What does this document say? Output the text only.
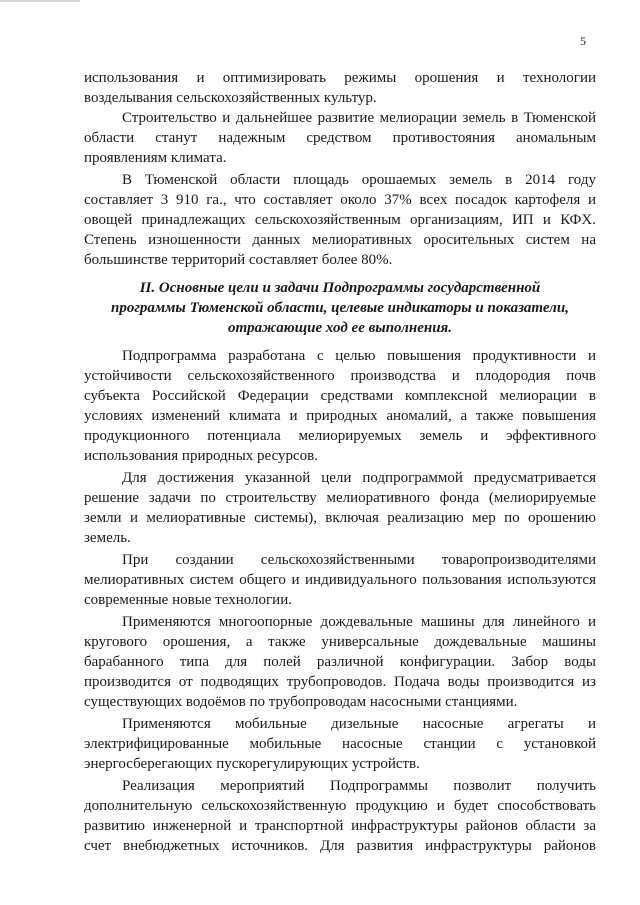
5
использования и оптимизировать режимы орошения и технологии
возделывания сельскохозяйственных культур.
Строительство и дальнейшее развитие мелиорации земель в Тюменской
области станут надежным средством противостояния аномальным
проявлениям климата.
В Тюменской области площадь орошаемых земель в 2014 году
составляет 3 910 га., что составляет около 37% всех посадок картофеля и
овощей принадлежащих сельскохозяйственным организациям, ИП и КФХ.
Степень изношенности данных мелиоративных оросительных систем на
большинстве территорий составляет более 80%.
II. Основные цели и задачи Подпрограммы государственной
программы Тюменской области, целевые индикаторы и показатели,
отражающие ход ее выполнения.
Подпрограмма разработана с целью повышения продуктивности и
устойчивости сельскохозяйственного производства и плодородия почв
субъекта Российской Федерации средствами комплексной мелиорации в
условиях изменений климата и природных аномалий, а также повышения
продукционного потенциала мелиорируемых земель и эффективного
использования природных ресурсов.
Для достижения указанной цели подпрограммой предусматривается
решение задачи по строительству мелиоративного фонда (мелиорируемые
земли и мелиоративные системы), включая реализацию мер по орошению
земель.
При создании сельскохозяйственными товаропроизводителями
мелиоративных систем общего и индивидуального пользования используются
современные новые технологии.
Применяются многоопорные дождевальные машины для линейного и
кругового орошения, а также универсальные дождевальные машины
барабанного типа для полей различной конфигурации. Забор воды
производится от подводящих трубопроводов. Подача воды производится из
существующих водоёмов по трубопроводам насосными станциями.
Применяются мобильные дизельные насосные агрегаты и
электрифицированные мобильные насосные станции с установкой
энергосберегающих пускорегулирующих устройств.
Реализация мероприятий Подпрограммы позволит получить
дополнительную сельскохозяйственную продукцию и будет способствовать
развитию инженерной и транспортной инфраструктуры районов области за
счет внебюджетных источников. Для развития инфраструктуры районов
